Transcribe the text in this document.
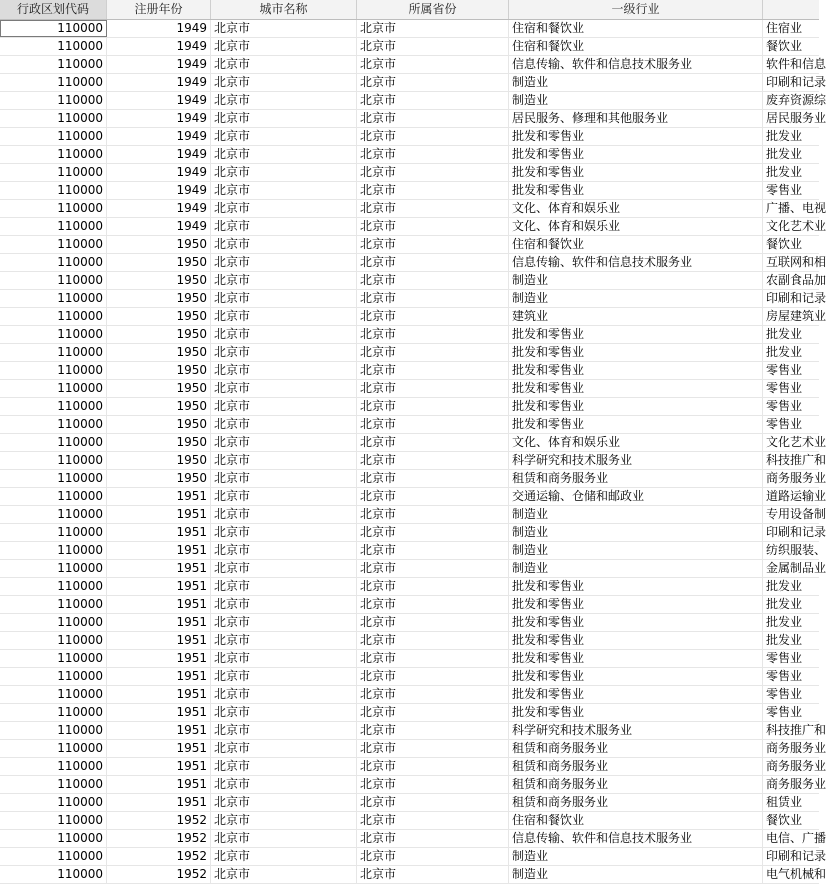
行政区划代码	注册年份	城市名称	所属省份	一级行业
110000	1949 北京市	北京市	住宿和餐饮业	住宿业
110000	1949 北京市	北京市	住宿和餐饮业	餐饮业
110000	1949 北京市	北京市	信息传输、软件和信息技术服务业	软件和信息
110000	1949 北京市	北京市	制造业	印刷和记录
110000	1949 北京市	北京市	制造业	废弃资源综
110000	1949 北京市	北京市	居民服务、修理和其他服务业	居民服务业
110000	1949 北京市	北京市	批发和零售业	批发业
110000	1949 北京市	北京市	批发和零售业	批发业
110000	1949 北京市	北京市	批发和零售业	批发业
110000	1949 北京市	北京市	批发和零售业	零售业
110000	1949 北京市	北京市	文化、体育和娱乐业	广播、电视
110000	1949 北京市	北京市	文化、体育和娱乐业	文化艺术业
110000	1950 北京市	北京市	住宿和餐饮业	餐饮业
110000	1950 北京市	北京市	信息传输、软件和信息技术服务业	互联网和相
110000	1950 北京市	北京市	制造业	农副食品加
110000	1950 北京市	北京市	制造业	印刷和记录
110000	1950 北京市	北京市	建筑业	房屋建筑业
110000	1950 北京市	北京市	批发和零售业	批发业
110000	1950 北京市	北京市	批发和零售业	批发业
110000	1950 北京市	北京市	批发和零售业	零售业
110000	1950 北京市	北京市	批发和零售业	零售业
110000	1950 北京市	北京市	批发和零售业	零售业
110000	1950 北京市	北京市	批发和零售业	零售业
110000	1950 北京市	北京市	文化、体育和娱乐业	文化艺术业
110000	1950 北京市	北京市	科学研究和技术服务业	科技推广和
110000	1950 北京市	北京市	租赁和商务服务业	商务服务业
110000	1951 北京市	北京市	交通运输、仓储和邮政业	道路运输业
110000	1951 北京市	北京市	制造业	专用设备制
110000	1951 北京市	北京市	制造业	印刷和记录
110000	1951 北京市	北京市	制造业	纺织服装、
110000	1951 北京市	北京市	制造业	金属制品业
110000	1951 北京市	北京市	批发和零售业	批发业
110000	1951 北京市	北京市	批发和零售业	批发业
110000	1951 北京市	北京市	批发和零售业	批发业
110000	1951 北京市	北京市	批发和零售业	批发业
110000	1951 北京市	北京市	批发和零售业	零售业
110000	1951 北京市	北京市	批发和零售业	零售业
110000	1951 北京市	北京市	批发和零售业	零售业
110000	1951 北京市	北京市	批发和零售业	零售业
110000	1951 北京市	北京市	科学研究和技术服务业	科技推广和
110000	1951 北京市	北京市	租赁和商务服务业	商务服务业
110000	1951 北京市	北京市	租赁和商务服务业	商务服务业
110000	1951 北京市	北京市	租赁和商务服务业	商务服务业
110000	1951 北京市	北京市	租赁和商务服务业	租赁业
110000	1952 北京市	北京市	住宿和餐饮业	餐饮业
110000	1952 北京市	北京市	信息传输、软件和信息技术服务业	电信、广播
110000	1952 北京市	北京市	制造业	印刷和记录
110000	1952 北京市	北京市	制造业	电气机械和
